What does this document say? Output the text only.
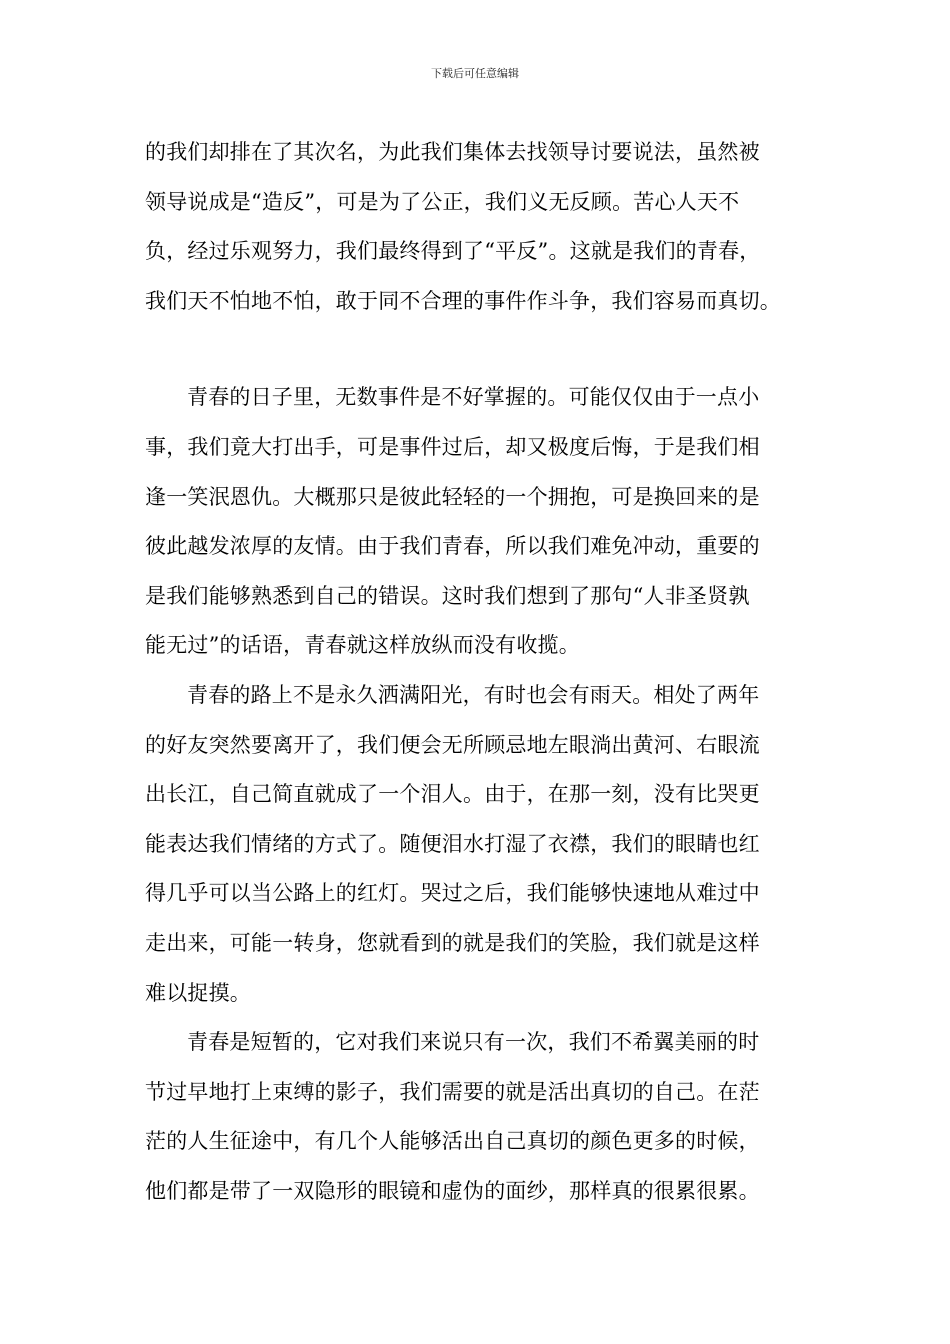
下载后可任意编辑

的我们却排在了其次名，为此我们集体去找领导讨要说法，虽然被
领导说成是“造反”，可是为了公正，我们义无反顾。苦心人天不
负，经过乐观努力，我们最终得到了“平反”。这就是我们的青春，
我们天不怕地不怕，敢于同不合理的事件作斗争，我们容易而真切。

青春的日子里，无数事件是不好掌握的。可能仅仅由于一点小
事，我们竟大打出手，可是事件过后，却又极度后悔，于是我们相
逢一笑泯恩仇。大概那只是彼此轻轻的一个拥抱，可是换回来的是
彼此越发浓厚的友情。由于我们青春，所以我们难免冲动，重要的
是我们能够熟悉到自己的错误。这时我们想到了那句“人非圣贤孰
能无过”的话语，青春就这样放纵而没有收揽。

青春的路上不是永久洒满阳光，有时也会有雨天。相处了两年
的好友突然要离开了，我们便会无所顾忌地左眼淌出黄河、右眼流
出长江，自己简直就成了一个泪人。由于，在那一刻，没有比哭更
能表达我们情绪的方式了。随便泪水打湿了衣襟，我们的眼睛也红
得几乎可以当公路上的红灯。哭过之后，我们能够快速地从难过中
走出来，可能一转身，您就看到的就是我们的笑脸，我们就是这样
难以捉摸。

青春是短暂的，它对我们来说只有一次，我们不希翼美丽的时
节过早地打上束缚的影子，我们需要的就是活出真切的自己。在茫
茫的人生征途中，有几个人能够活出自己真切的颜色更多的时候，
他们都是带了一双隐形的眼镜和虚伪的面纱，那样真的很累很累。
